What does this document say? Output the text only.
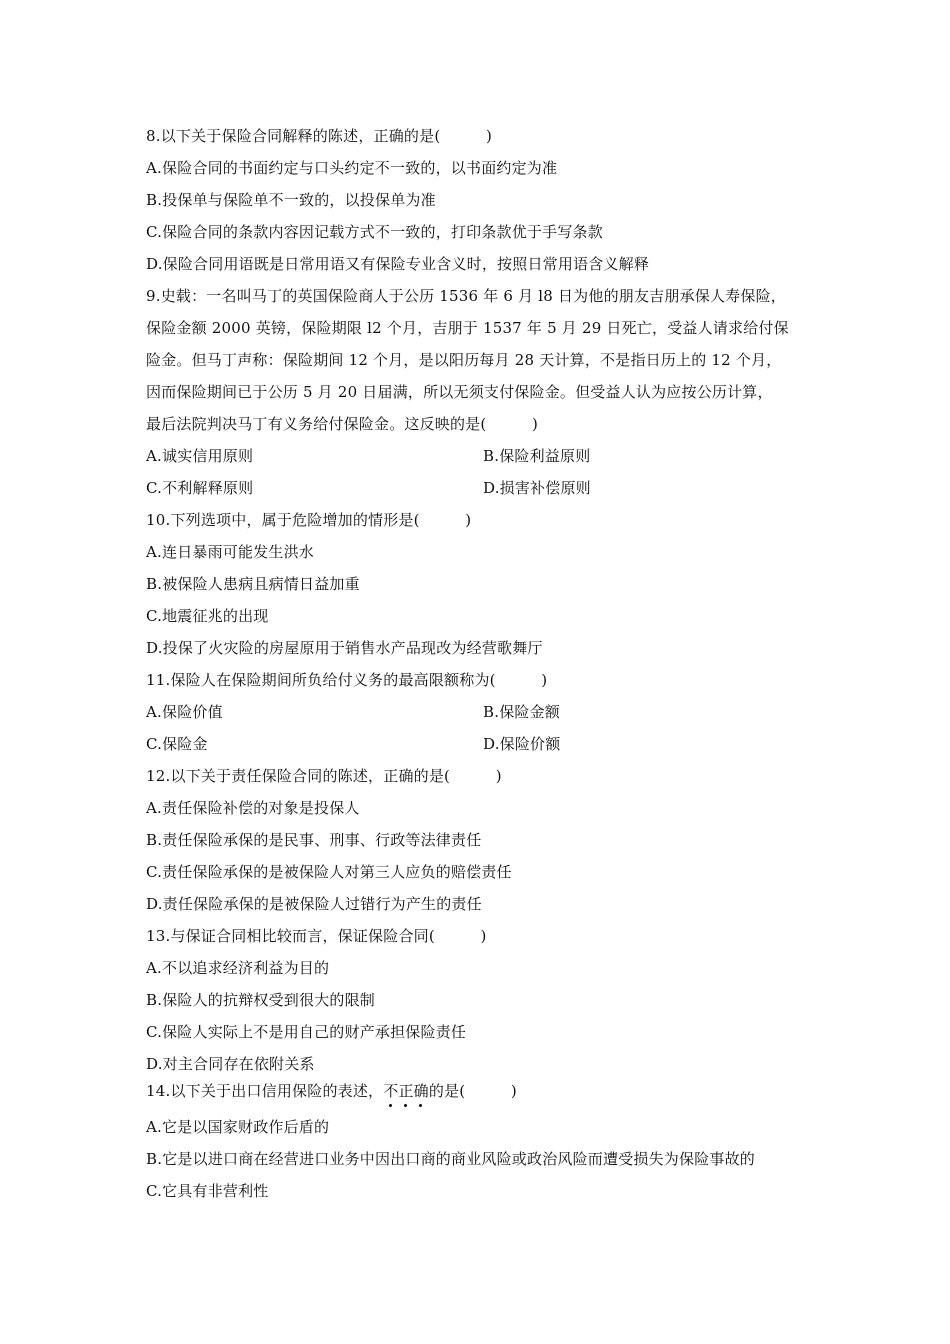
8.以下关于保险合同解释的陈述，正确的是(　　　)
A.保险合同的书面约定与口头约定不一致的，以书面约定为准
B.投保单与保险单不一致的，以投保单为准
C.保险合同的条款内容因记载方式不一致的，打印条款优于手写条款
D.保险合同用语既是日常用语又有保险专业含义时，按照日常用语含义解释
9.史载：一名叫马丁的英国保险商人于公历 1536 年 6 月 l8 日为他的朋友吉朋承保人寿保险，
保险金额 2000 英镑，保险期限 l2 个月，吉朋于 1537 年 5 月 29 日死亡，受益人请求给付保
险金。但马丁声称：保险期间 12 个月，是以阳历每月 28 天计算，不是指日历上的 12 个月，
因而保险期间已于公历 5 月 20 日届满，所以无须支付保险金。但受益人认为应按公历计算，
最后法院判决马丁有义务给付保险金。这反映的是(　　　)
A.诚实信用原则	B.保险利益原则
C.不利解释原则	D.损害补偿原则
10.下列选项中，属于危险增加的情形是(　　　)
A.连日暴雨可能发生洪水
B.被保险人患病且病情日益加重
C.地震征兆的出现
D.投保了火灾险的房屋原用于销售水产品现改为经营歌舞厅
11.保险人在保险期间所负给付义务的最高限额称为(　　　)
A.保险价值	B.保险金额
C.保险金	D.保险价额
12.以下关于责任保险合同的陈述，正确的是(　　　)
A.责任保险补偿的对象是投保人
B.责任保险承保的是民事、刑事、行政等法律责任
C.责任保险承保的是被保险人对第三人应负的赔偿责任
D.责任保险承保的是被保险人过错行为产生的责任
13.与保证合同相比较而言，保证保险合同(　　　)
A.不以追求经济利益为目的
B.保险人的抗辩权受到很大的限制
C.保险人实际上不是用自己的财产承担保险责任
D.对主合同存在依附关系
14.以下关于出口信用保险的表述，不正确
的是(　　　)
A.它是以国家财政作后盾的
B.它是以进口商在经营进口业务中因出口商的商业风险或政治风险而遭受损失为保险事故的
C.它具有非营利性
